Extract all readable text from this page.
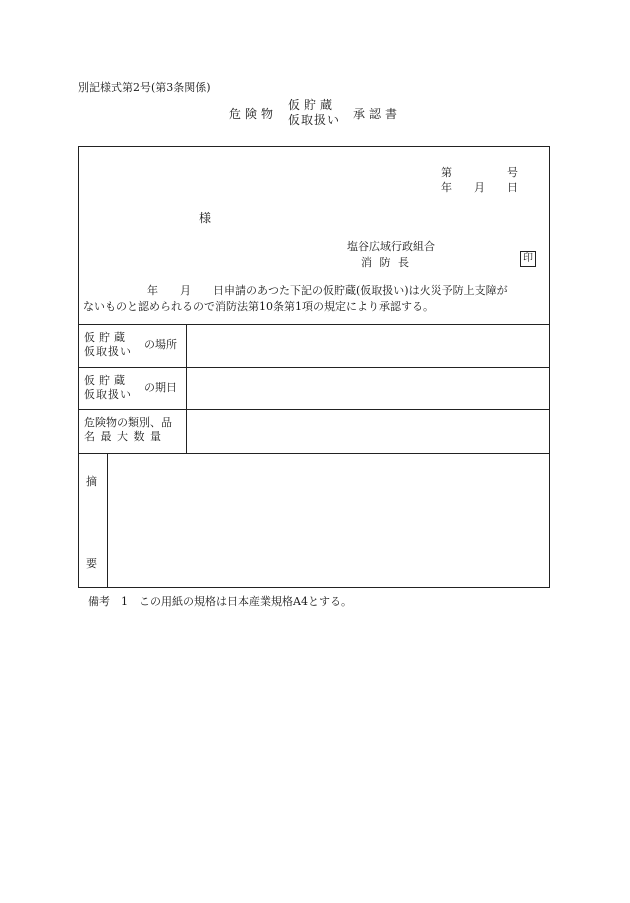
別記様式第2号(第3条関係)
危険物
仮貯蔵
仮取扱い 承認書
第　　　　　号
年　　月　　日
様
塩谷広域行政組合
消 防 長	印
年　　月　　日申請のあつた下記の仮貯蔵(仮取扱い)は火災予防上支障が
ないものと認められるので消防法第10条第1項の規定により承認する。
仮貯蔵
仮取扱い
の場所
仮貯蔵
仮取扱い
の期日
危険物の類別、品
名 最 大 数 量
摘
要
備考　1　この用紙の規格は日本産業規格A4とする。
